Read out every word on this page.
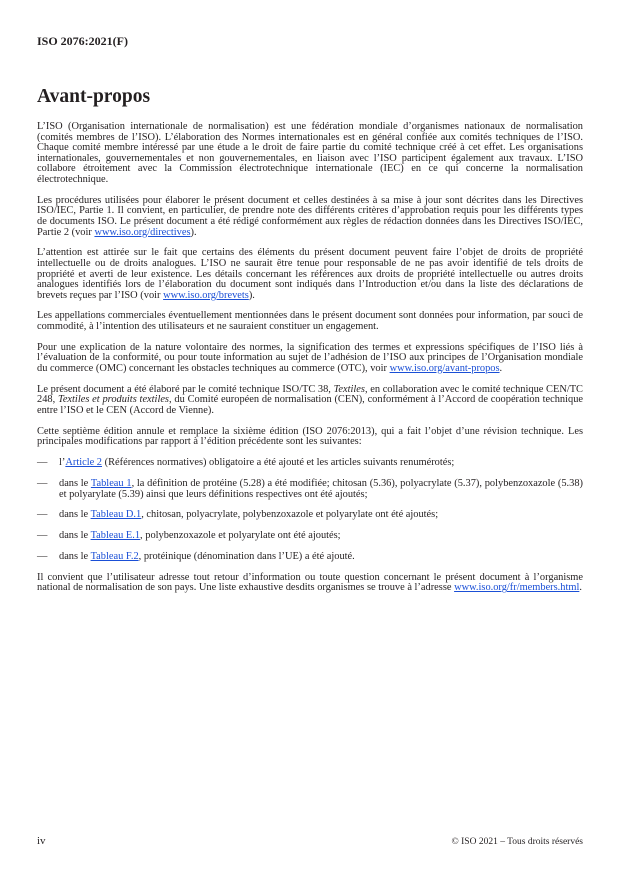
ISO 2076:2021(F)
Avant-propos

L’ISO (Organisation internationale de normalisation) est une fédération mondiale d’organismes nationaux de normalisation (comités membres de l’ISO). L’élaboration des Normes internationales est en général confiée aux comités techniques de l’ISO. Chaque comité membre intéressé par une étude a le droit de faire partie du comité technique créé à cet effet. Les organisations internationales, gouvernementales et non gouvernementales, en liaison avec l’ISO participent également aux travaux. L’ISO collabore étroitement avec la Commission électrotechnique internationale (IEC) en ce qui concerne la normalisation électrotechnique.

Les procédures utilisées pour élaborer le présent document et celles destinées à sa mise à jour sont décrites dans les Directives ISO/IEC, Partie 1. Il convient, en particulier, de prendre note des différents critères d’approbation requis pour les différents types de documents ISO. Le présent document a été rédigé conformément aux règles de rédaction données dans les Directives ISO/IEC, Partie 2 (voir www.iso.org/directives).

L’attention est attirée sur le fait que certains des éléments du présent document peuvent faire l’objet de droits de propriété intellectuelle ou de droits analogues. L’ISO ne saurait être tenue pour responsable de ne pas avoir identifié de tels droits de propriété et averti de leur existence. Les détails concernant les références aux droits de propriété intellectuelle ou autres droits analogues identifiés lors de l’élaboration du document sont indiqués dans l’Introduction et/ou dans la liste des déclarations de brevets reçues par l’ISO (voir www.iso.org/brevets).

Les appellations commerciales éventuellement mentionnées dans le présent document sont données pour information, par souci de commodité, à l’intention des utilisateurs et ne sauraient constituer un engagement.

Pour une explication de la nature volontaire des normes, la signification des termes et expressions spécifiques de l’ISO liés à l’évaluation de la conformité, ou pour toute information au sujet de l’adhésion de l’ISO aux principes de l’Organisation mondiale du commerce (OMC) concernant les obstacles techniques au commerce (OTC), voir www.iso.org/avant-propos.

Le présent document a été élaboré par le comité technique ISO/TC 38, Textiles, en collaboration avec le comité technique CEN/TC 248, Textiles et produits textiles, du Comité européen de normalisation (CEN), conformément à l’Accord de coopération technique entre l’ISO et le CEN (Accord de Vienne).

Cette septième édition annule et remplace la sixième édition (ISO 2076:2013), qui a fait l’objet d’une révision technique. Les principales modifications par rapport à l’édition précédente sont les suivantes:

—	l’Article 2 (Références normatives) obligatoire a été ajouté et les articles suivants renumérotés;
—	dans le Tableau 1, la définition de protéine (5.28) a été modifiée; chitosan (5.36), polyacrylate (5.37), polybenzoxazole (5.38) et polyarylate (5.39) ainsi que leurs définitions respectives ont été ajoutés;
—	dans le Tableau D.1, chitosan, polyacrylate, polybenzoxazole et polyarylate ont été ajoutés;
—	dans le Tableau E.1, polybenzoxazole et polyarylate ont été ajoutés;
—	dans le Tableau F.2, protéinique (dénomination dans l’UE) a été ajouté.

Il convient que l’utilisateur adresse tout retour d’information ou toute question concernant le présent document à l’organisme national de normalisation de son pays. Une liste exhaustive desdits organismes se trouve à l’adresse www.iso.org/fr/members.html.

iv	© ISO 2021 – Tous droits réservés
